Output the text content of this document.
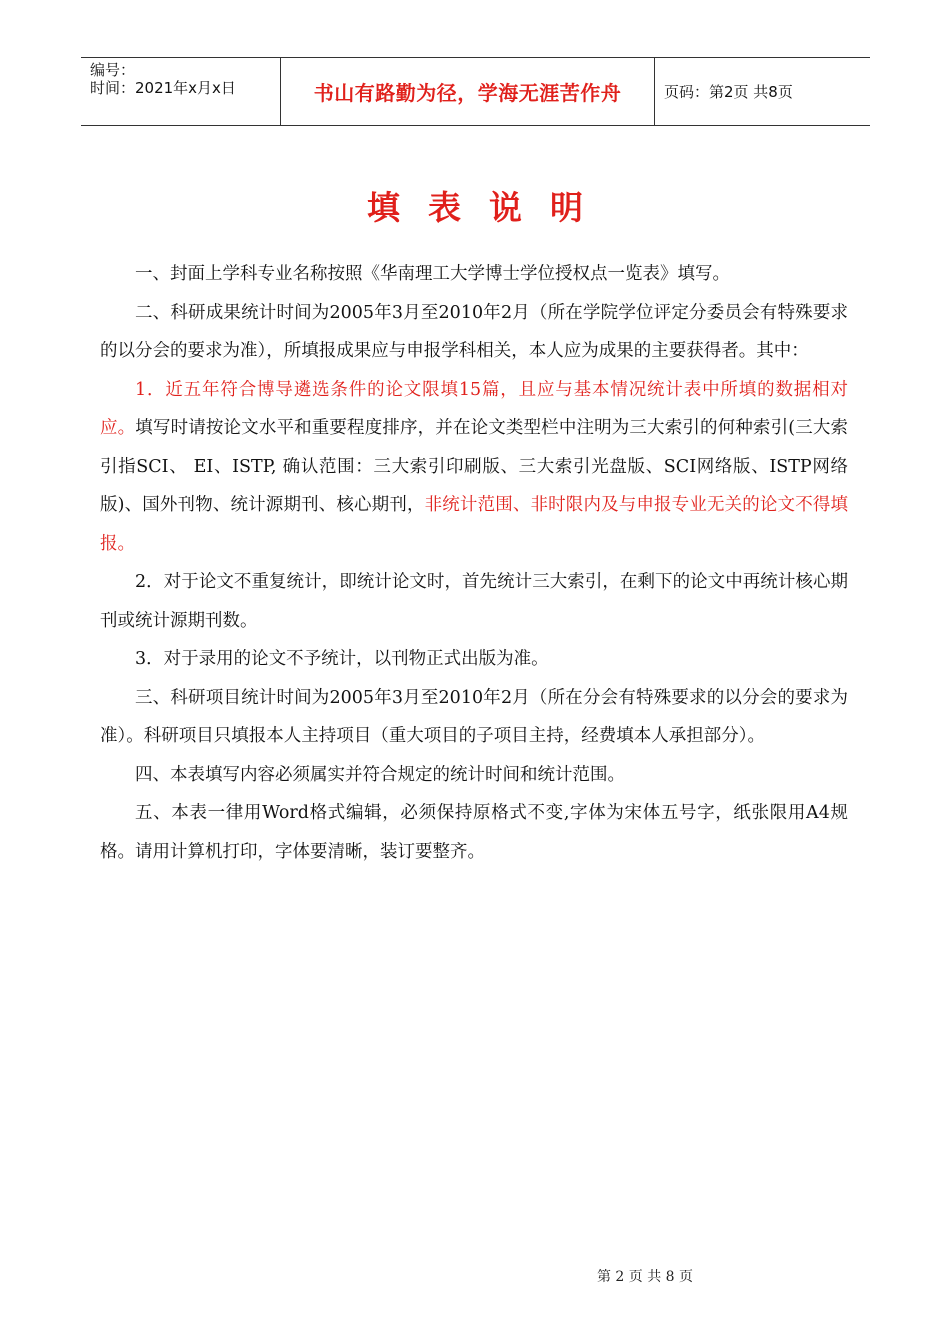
编号：
时间：2021年x月x日	书山有路勤为径，学海无涯苦作舟	页码：第2页 共8页
填表说明

一、封面上学科专业名称按照《华南理工大学博士学位授权点一览表》填写。

二、科研成果统计时间为2005年3月至2010年2月（所在学院学位评定分委员会有特殊要求的以分会的要求为准），所填报成果应与申报学科相关，本人应为成果的主要获得者。其中：

1．近五年符合博导遴选条件的论文限填15篇，且应与基本情况统计表中所填的数据相对应。填写时请按论文水平和重要程度排序，并在论文类型栏中注明为三大索引的何种索引(三大索引指SCI、 EI、ISTP, 确认范围：三大索引印刷版、三大索引光盘版、SCI网络版、ISTP网络版)、国外刊物、统计源期刊、核心期刊，非统计范围、非时限内及与申报专业无关的论文不得填报。

2．对于论文不重复统计，即统计论文时，首先统计三大索引，在剩下的论文中再统计核心期刊或统计源期刊数。

3．对于录用的论文不予统计，以刊物正式出版为准。

三、科研项目统计时间为2005年3月至2010年2月（所在分会有特殊要求的以分会的要求为准）。科研项目只填报本人主持项目（重大项目的子项目主持，经费填本人承担部分）。

四、本表填写内容必须属实并符合规定的统计时间和统计范围。

五、本表一律用Word格式编辑，必须保持原格式不变,字体为宋体五号字，纸张限用A4规格。请用计算机打印，字体要清晰，装订要整齐。

第 2 页 共 8 页
